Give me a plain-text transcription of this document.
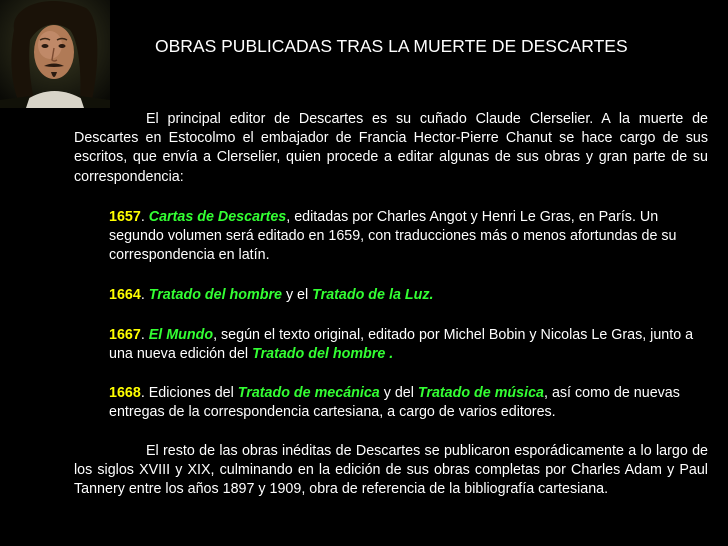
OBRAS PUBLICADAS TRAS LA MUERTE DE DESCARTES
El principal editor de Descartes es su cuñado Claude Clerselier. A la muerte de Descartes en Estocolmo el embajador de Francia Hector-Pierre Chanut se hace cargo de sus escritos, que envía a Clerselier, quien procede a editar algunas de sus obras y gran parte de su correspondencia:
1657. Cartas de Descartes, editadas por Charles Angot y Henri Le Gras, en París. Un segundo volumen será editado en 1659, con traducciones más o menos afortundas de su correspondencia en latín.
1664. Tratado del hombre y el Tratado de la Luz.
1667. El Mundo, según el texto original, editado por Michel Bobin y Nicolas Le Gras, junto a una nueva edición del Tratado del hombre .
1668. Ediciones del Tratado de mecánica y del Tratado de música, así como de nuevas entregas de la correspondencia cartesiana, a cargo de varios editores.
El resto de las obras inéditas de Descartes se publicaron esporádicamente a lo largo de los siglos XVIII y XIX, culminando en la edición de sus obras completas por Charles Adam y Paul Tannery entre los años 1897 y 1909, obra de referencia de la bibliografía cartesiana.
